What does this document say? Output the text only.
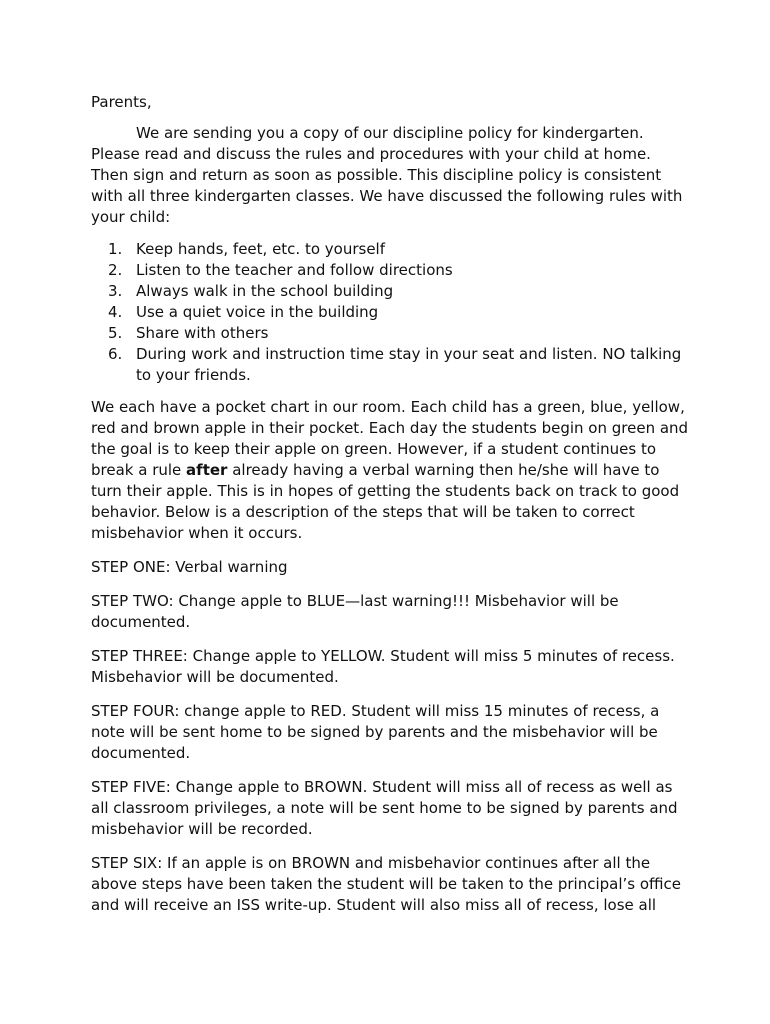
Parents,

We are sending you a copy of our discipline policy for kindergarten. Please read and discuss the rules and procedures with your child at home. Then sign and return as soon as possible. This discipline policy is consistent with all three kindergarten classes. We have discussed the following rules with your child:

1. Keep hands, feet, etc. to yourself
2. Listen to the teacher and follow directions
3. Always walk in the school building
4. Use a quiet voice in the building
5. Share with others
6. During work and instruction time stay in your seat and listen. NO talking to your friends.

We each have a pocket chart in our room. Each child has a green, blue, yellow, red and brown apple in their pocket. Each day the students begin on green and the goal is to keep their apple on green. However, if a student continues to break a rule after already having a verbal warning then he/she will have to turn their apple. This is in hopes of getting the students back on track to good behavior. Below is a description of the steps that will be taken to correct misbehavior when it occurs.

STEP ONE: Verbal warning

STEP TWO: Change apple to BLUE—last warning!!! Misbehavior will be documented.

STEP THREE: Change apple to YELLOW. Student will miss 5 minutes of recess. Misbehavior will be documented.

STEP FOUR: change apple to RED. Student will miss 15 minutes of recess, a note will be sent home to be signed by parents and the misbehavior will be documented.

STEP FIVE: Change apple to BROWN. Student will miss all of recess as well as all classroom privileges, a note will be sent home to be signed by parents and misbehavior will be recorded.

STEP SIX: If an apple is on BROWN and misbehavior continues after all the above steps have been taken the student will be taken to the principal’s office and will receive an ISS write-up. Student will also miss all of recess, lose all
